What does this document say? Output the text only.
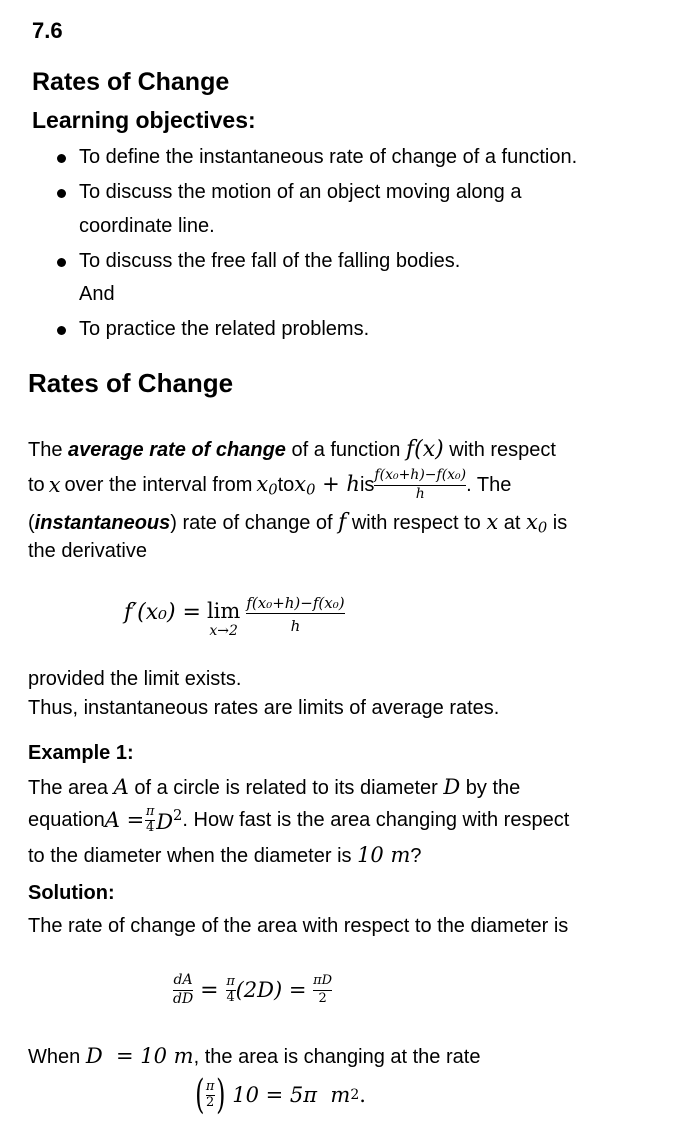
7.6
Rates of Change
Learning objectives:
To define the instantaneous rate of change of a function.
To discuss the motion of an object moving along a
coordinate line.
To discuss the free fall of the falling bodies.
And
To practice the related problems.
Rates of Change
The average rate of change of a function f(x) with respect
to x over the interval from $x_0$ to $x_0 + h$ is $\frac{\text{f(x₀+h)−f(x₀)}}{h}$ . The
(instantaneous) rate of change of f with respect to x at $x_0$ is
the derivative
f′(x₀) = lim
$x\to 2 \frac{\text{f(x₀+h)−f(x₀)}}{h}$
provided the limit exists.
Thus, instantaneous rates are limits of average rates.
Example 1:
The area A of a circle is related to its diameter D by the
equation $A = \frac{\pi}{4} D^2$ . How fast is the area changing with respect
to the diameter when the diameter is 10 m?
Solution:
The rate of change of the area with respect to the diameter is
$\frac{dA}{dD} = \frac{\pi}{4} (2D) = \frac{\pi D}{2}$
When D  = 10 m, the area is changing at the rate
( $\frac{\pi}{2}$ ) 10 = 5π  m 2 .
